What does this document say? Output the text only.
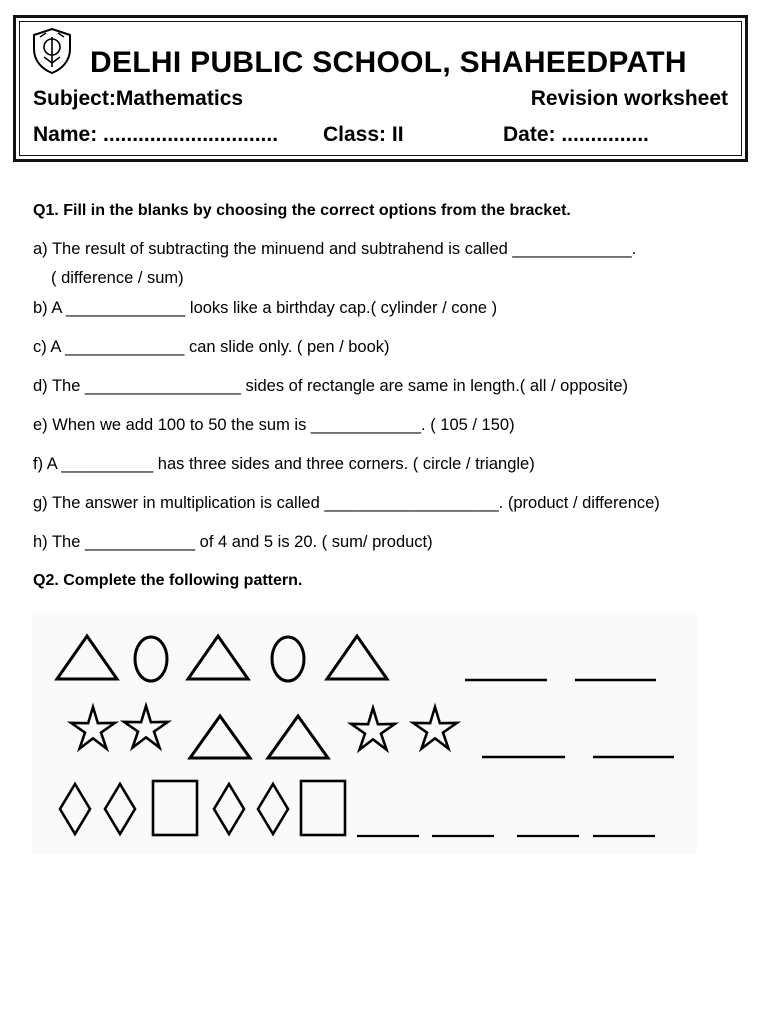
DELHI PUBLIC SCHOOL, SHAHEEDPATH
Subject:Mathematics	Revision worksheet
Name: .............................. Class: II	Date: ...............
Q1. Fill in the blanks by choosing the correct options from the bracket.
a) The result of subtracting the minuend and subtrahend is called _____________.
( difference / sum)
b) A _____________ looks like a birthday cap.( cylinder / cone )
c) A _____________ can slide only. ( pen / book)
d) The _________________ sides of rectangle are same in length.( all / opposite)
e) When we add 100 to 50 the sum is ____________. ( 105 / 150)
f) A __________ has three sides and three corners. ( circle / triangle)
g) The answer in multiplication is called ___________________. (product / difference)
h) The ____________ of 4 and 5 is 20. ( sum/ product)
Q2. Complete the following pattern.
